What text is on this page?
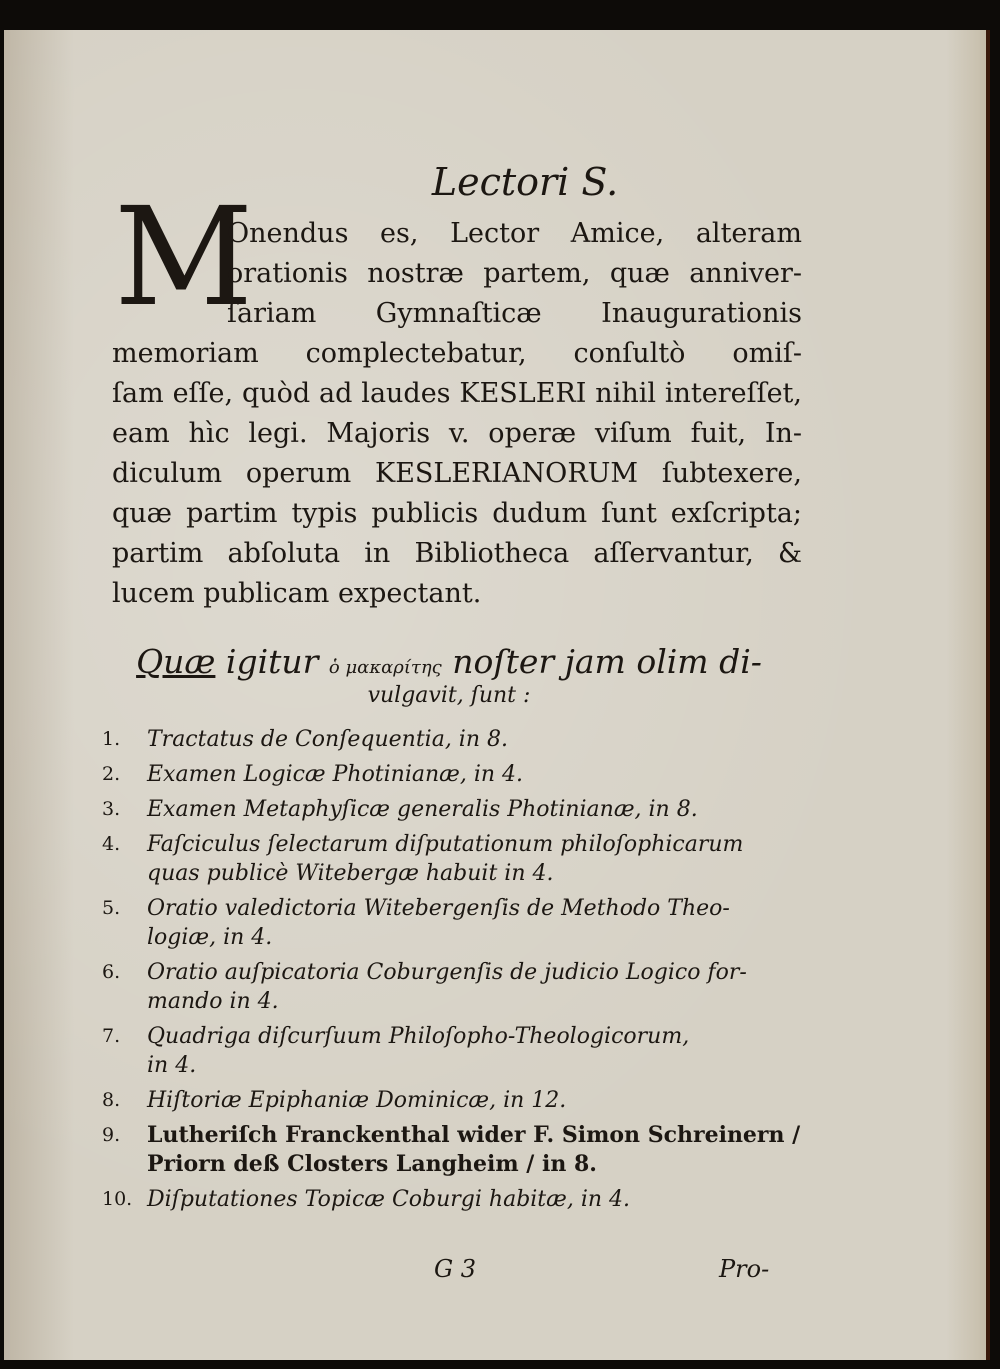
Lectori S.
M
Onendus es, Lector Amice, alteram
orationis nostræ partem, quæ anniver-
ſariam Gymnaſticæ Inaugurationis
memoriam complectebatur, conſultò omiſ-
ſam eſſe, quòd ad laudes KESLERI nihil intereſſet,
eam hìc legi. Majoris v. operæ viſum fuit, In-
diculum operum KESLERIANORUM ſubtexere,
quæ partim typis publicis dudum ſunt exſcripta;
partim abſoluta in Bibliotheca aſſervantur, &
lucem publicam expectant.
Quæ igitur ὁ μακαρίτης noſter jam olim di-
vulgavit, ſunt :
1.	Tractatus de Conſequentia, in 8.
2.	Examen Logicæ Photinianæ, in 4.
3.	Examen Metaphyſicæ generalis Photinianæ, in 8.
4.	Faſciculus ſelectarum diſputationum philoſophicarum
quas publicè Witebergæ habuit in 4.
5.	Oratio valedictoria Witebergenſis de Methodo Theo-
logiæ, in 4.
6.	Oratio auſpicatoria Coburgenſis de judicio Logico for-
mando in 4.
7.	Quadriga diſcurſuum Philoſopho-Theologicorum,
in 4.
8.	Hiſtoriæ Epiphaniæ Dominicæ, in 12.
9.	Lutheriſch Franckenthal wider F. Simon Schreinern /
Priorn deß Closters Langheim / in 8.
10. Diſputationes Topicæ Coburgi habitæ, in 4.
G 3	Pro-
